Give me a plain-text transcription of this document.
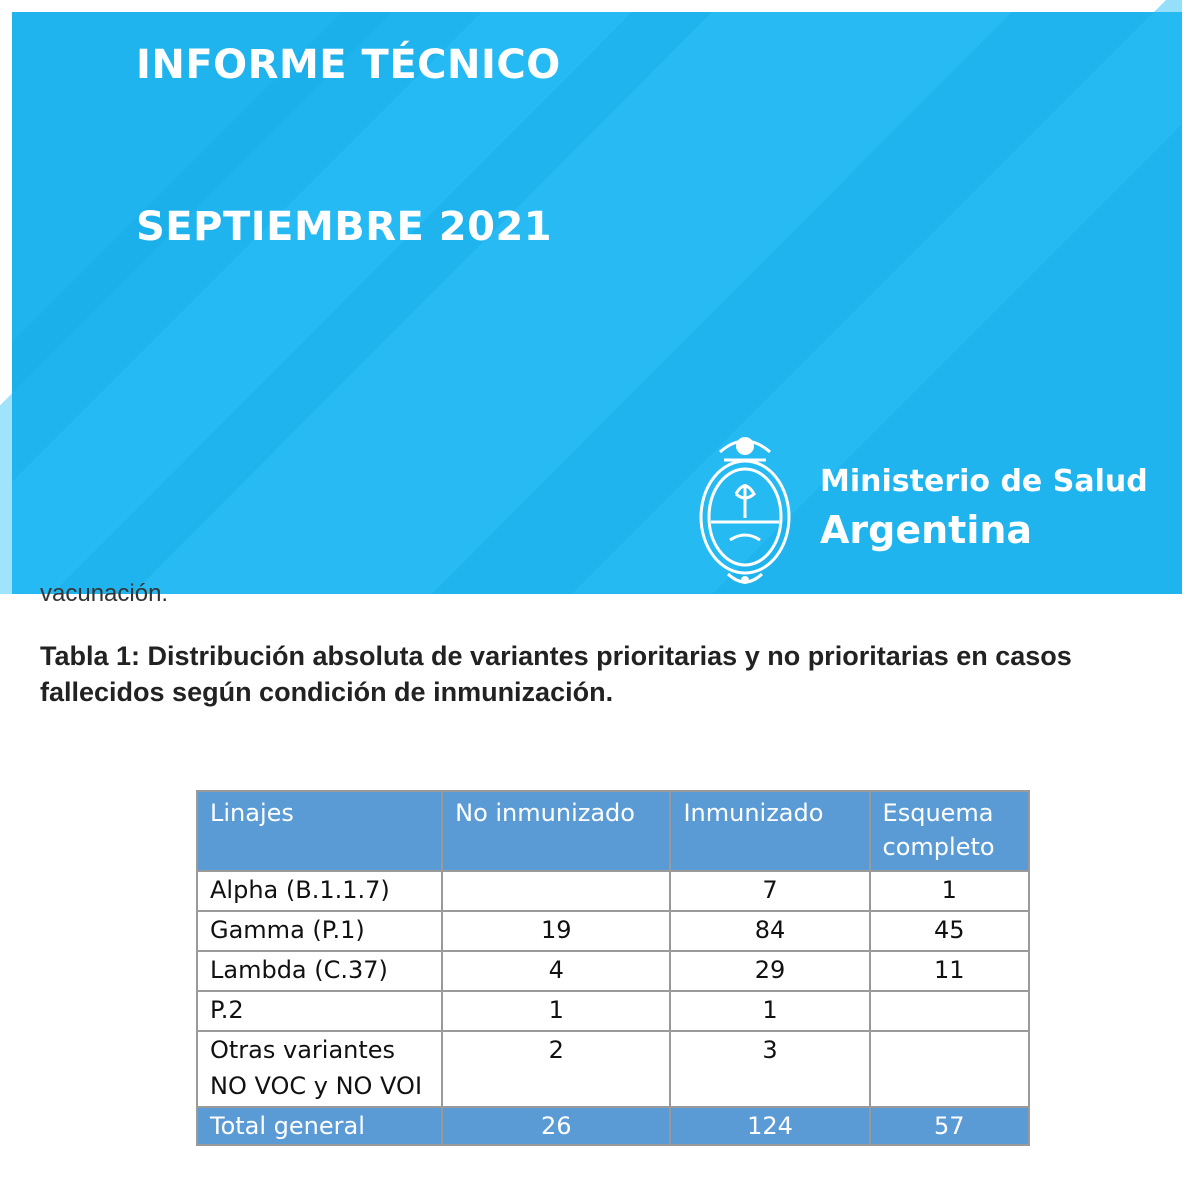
INFORME TÉCNICO
SEPTIEMBRE 2021
Ministerio de Salud
Argentina
vacunación.

Tabla 1: Distribución absoluta de variantes prioritarias y no prioritarias en casos fallecidos según condición de inmunización.

Linajes	No inmunizado	Inmunizado	Esquema completo
Alpha (B.1.1.7)		7	1
Gamma (P.1)	19	84	45
Lambda (C.37)	4	29	11
P.2	1	1	
Otras variantes NO VOC y NO VOI	2	3	
Total general	26	124	57
